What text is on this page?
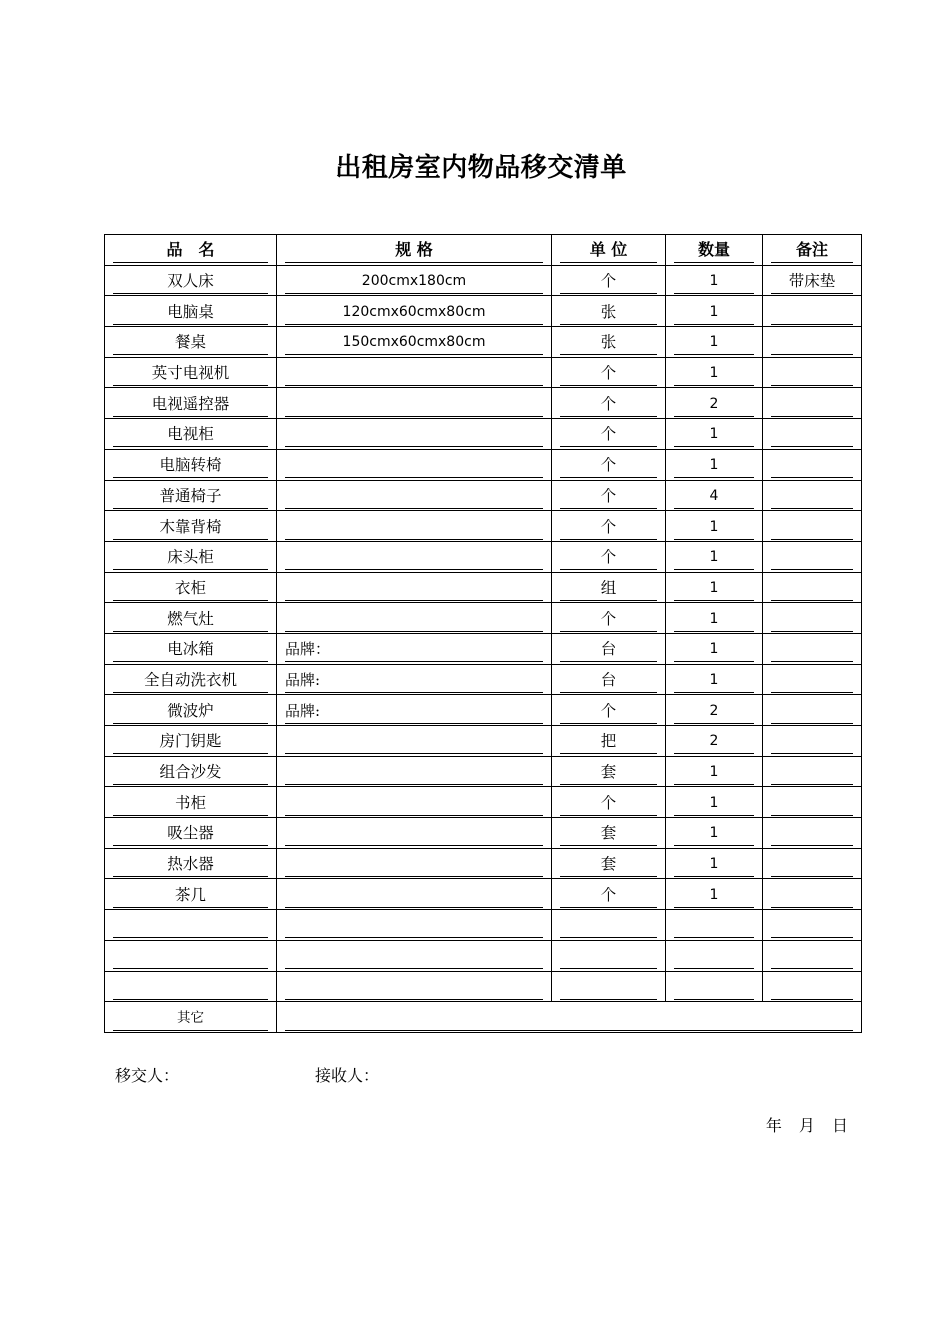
出租房室内物品移交清单
品　名	规 格	单 位	数量	备注

双人床	200cmx180cm	个	1	带床垫

电脑桌	120cmx60cmx80cm	张	1	

餐桌	150cmx60cmx80cm	张	1	

英寸电视机		个	1	

电视遥控器		个	2	

电视柜		个	1	

电脑转椅		个	1	

普通椅子		个	4	

木靠背椅		个	1	

床头柜		个	1	

衣柜		组	1	

燃气灶		个	1	

电冰箱	品牌：	台	1	

全自动洗衣机	品牌:	台	1	

微波炉	品牌:	个	2	

房门钥匙		把	2	

组合沙发		套	1	

书柜		个	1	

吸尘器		套	1	

热水器		套	1	

茶几		个	1	

其它				

移交人：	接收人：
年 月 日
